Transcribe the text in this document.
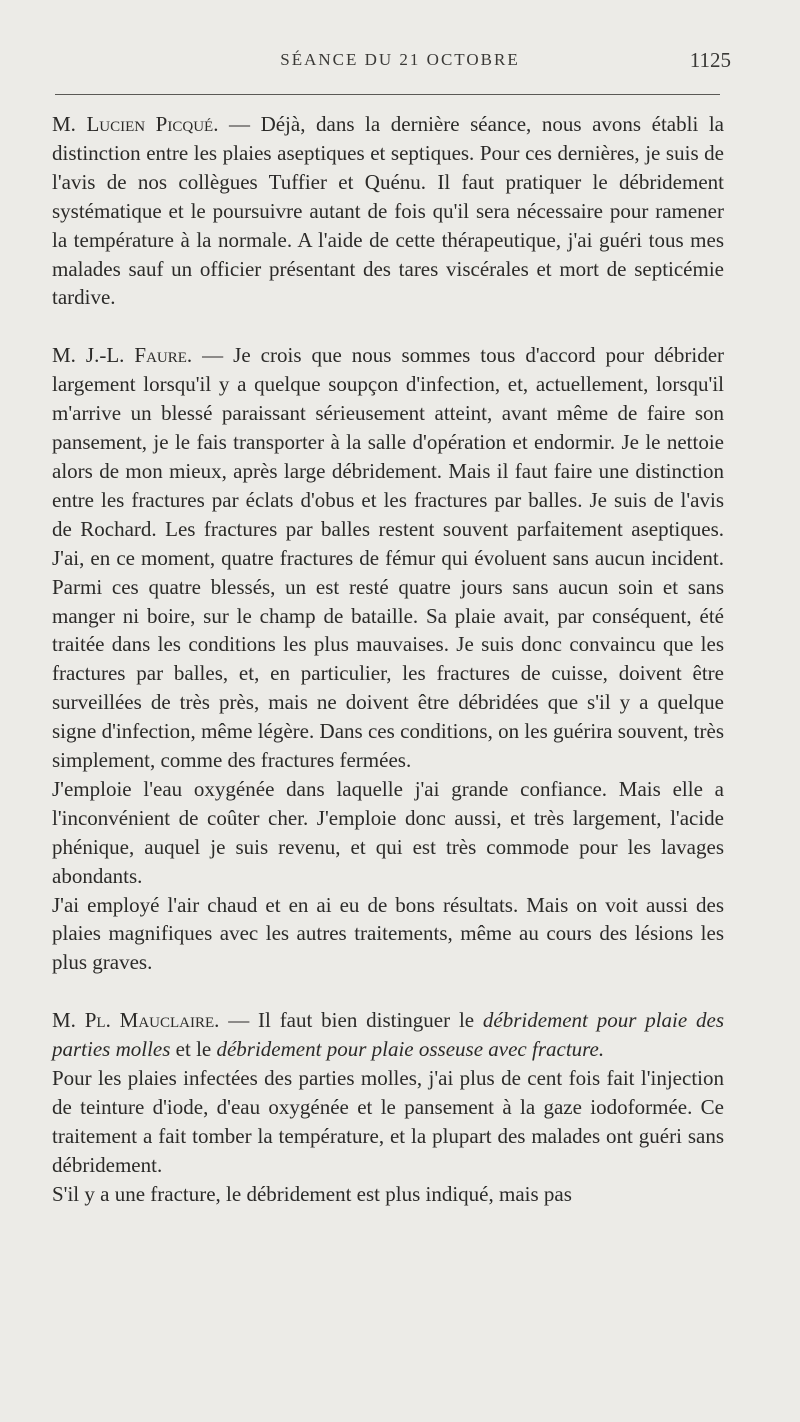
SÉANCE DU 21 OCTOBRE	1125

M. Lucien Picqué. — Déjà, dans la dernière séance, nous avons établi la distinction entre les plaies aseptiques et septiques. Pour ces dernières, je suis de l'avis de nos collègues Tuffier et Quénu. Il faut pratiquer le débridement systématique et le poursuivre autant de fois qu'il sera nécessaire pour ramener la température à la normale. A l'aide de cette thérapeutique, j'ai guéri tous mes malades sauf un officier présentant des tares viscérales et mort de septicémie tardive.

M. J.-L. Faure. — Je crois que nous sommes tous d'accord pour débrider largement lorsqu'il y a quelque soupçon d'infection, et, actuellement, lorsqu'il m'arrive un blessé paraissant sérieusement atteint, avant même de faire son pansement, je le fais transporter à la salle d'opération et endormir. Je le nettoie alors de mon mieux, après large débridement. Mais il faut faire une distinction entre les fractures par éclats d'obus et les fractures par balles. Je suis de l'avis de Rochard. Les fractures par balles restent souvent parfaitement aseptiques. J'ai, en ce moment, quatre fractures de fémur qui évoluent sans aucun incident. Parmi ces quatre blessés, un est resté quatre jours sans aucun soin et sans manger ni boire, sur le champ de bataille. Sa plaie avait, par conséquent, été traitée dans les conditions les plus mauvaises. Je suis donc convaincu que les fractures par balles, et, en particulier, les fractures de cuisse, doivent être surveillées de très près, mais ne doivent être débridées que s'il y a quelque signe d'infection, même légère. Dans ces conditions, on les guérira souvent, très simplement, comme des fractures fermées.

J'emploie l'eau oxygénée dans laquelle j'ai grande confiance. Mais elle a l'inconvénient de coûter cher. J'emploie donc aussi, et très largement, l'acide phénique, auquel je suis revenu, et qui est très commode pour les lavages abondants.

J'ai employé l'air chaud et en ai eu de bons résultats. Mais on voit aussi des plaies magnifiques avec les autres traitements, même au cours des lésions les plus graves.

M. Pl. Mauclaire. — Il faut bien distinguer le débridement pour plaie des parties molles et le débridement pour plaie osseuse avec fracture.

Pour les plaies infectées des parties molles, j'ai plus de cent fois fait l'injection de teinture d'iode, d'eau oxygénée et le pansement à la gaze iodoformée. Ce traitement a fait tomber la température, et la plupart des malades ont guéri sans débridement.

S'il y a une fracture, le débridement est plus indiqué, mais pas
